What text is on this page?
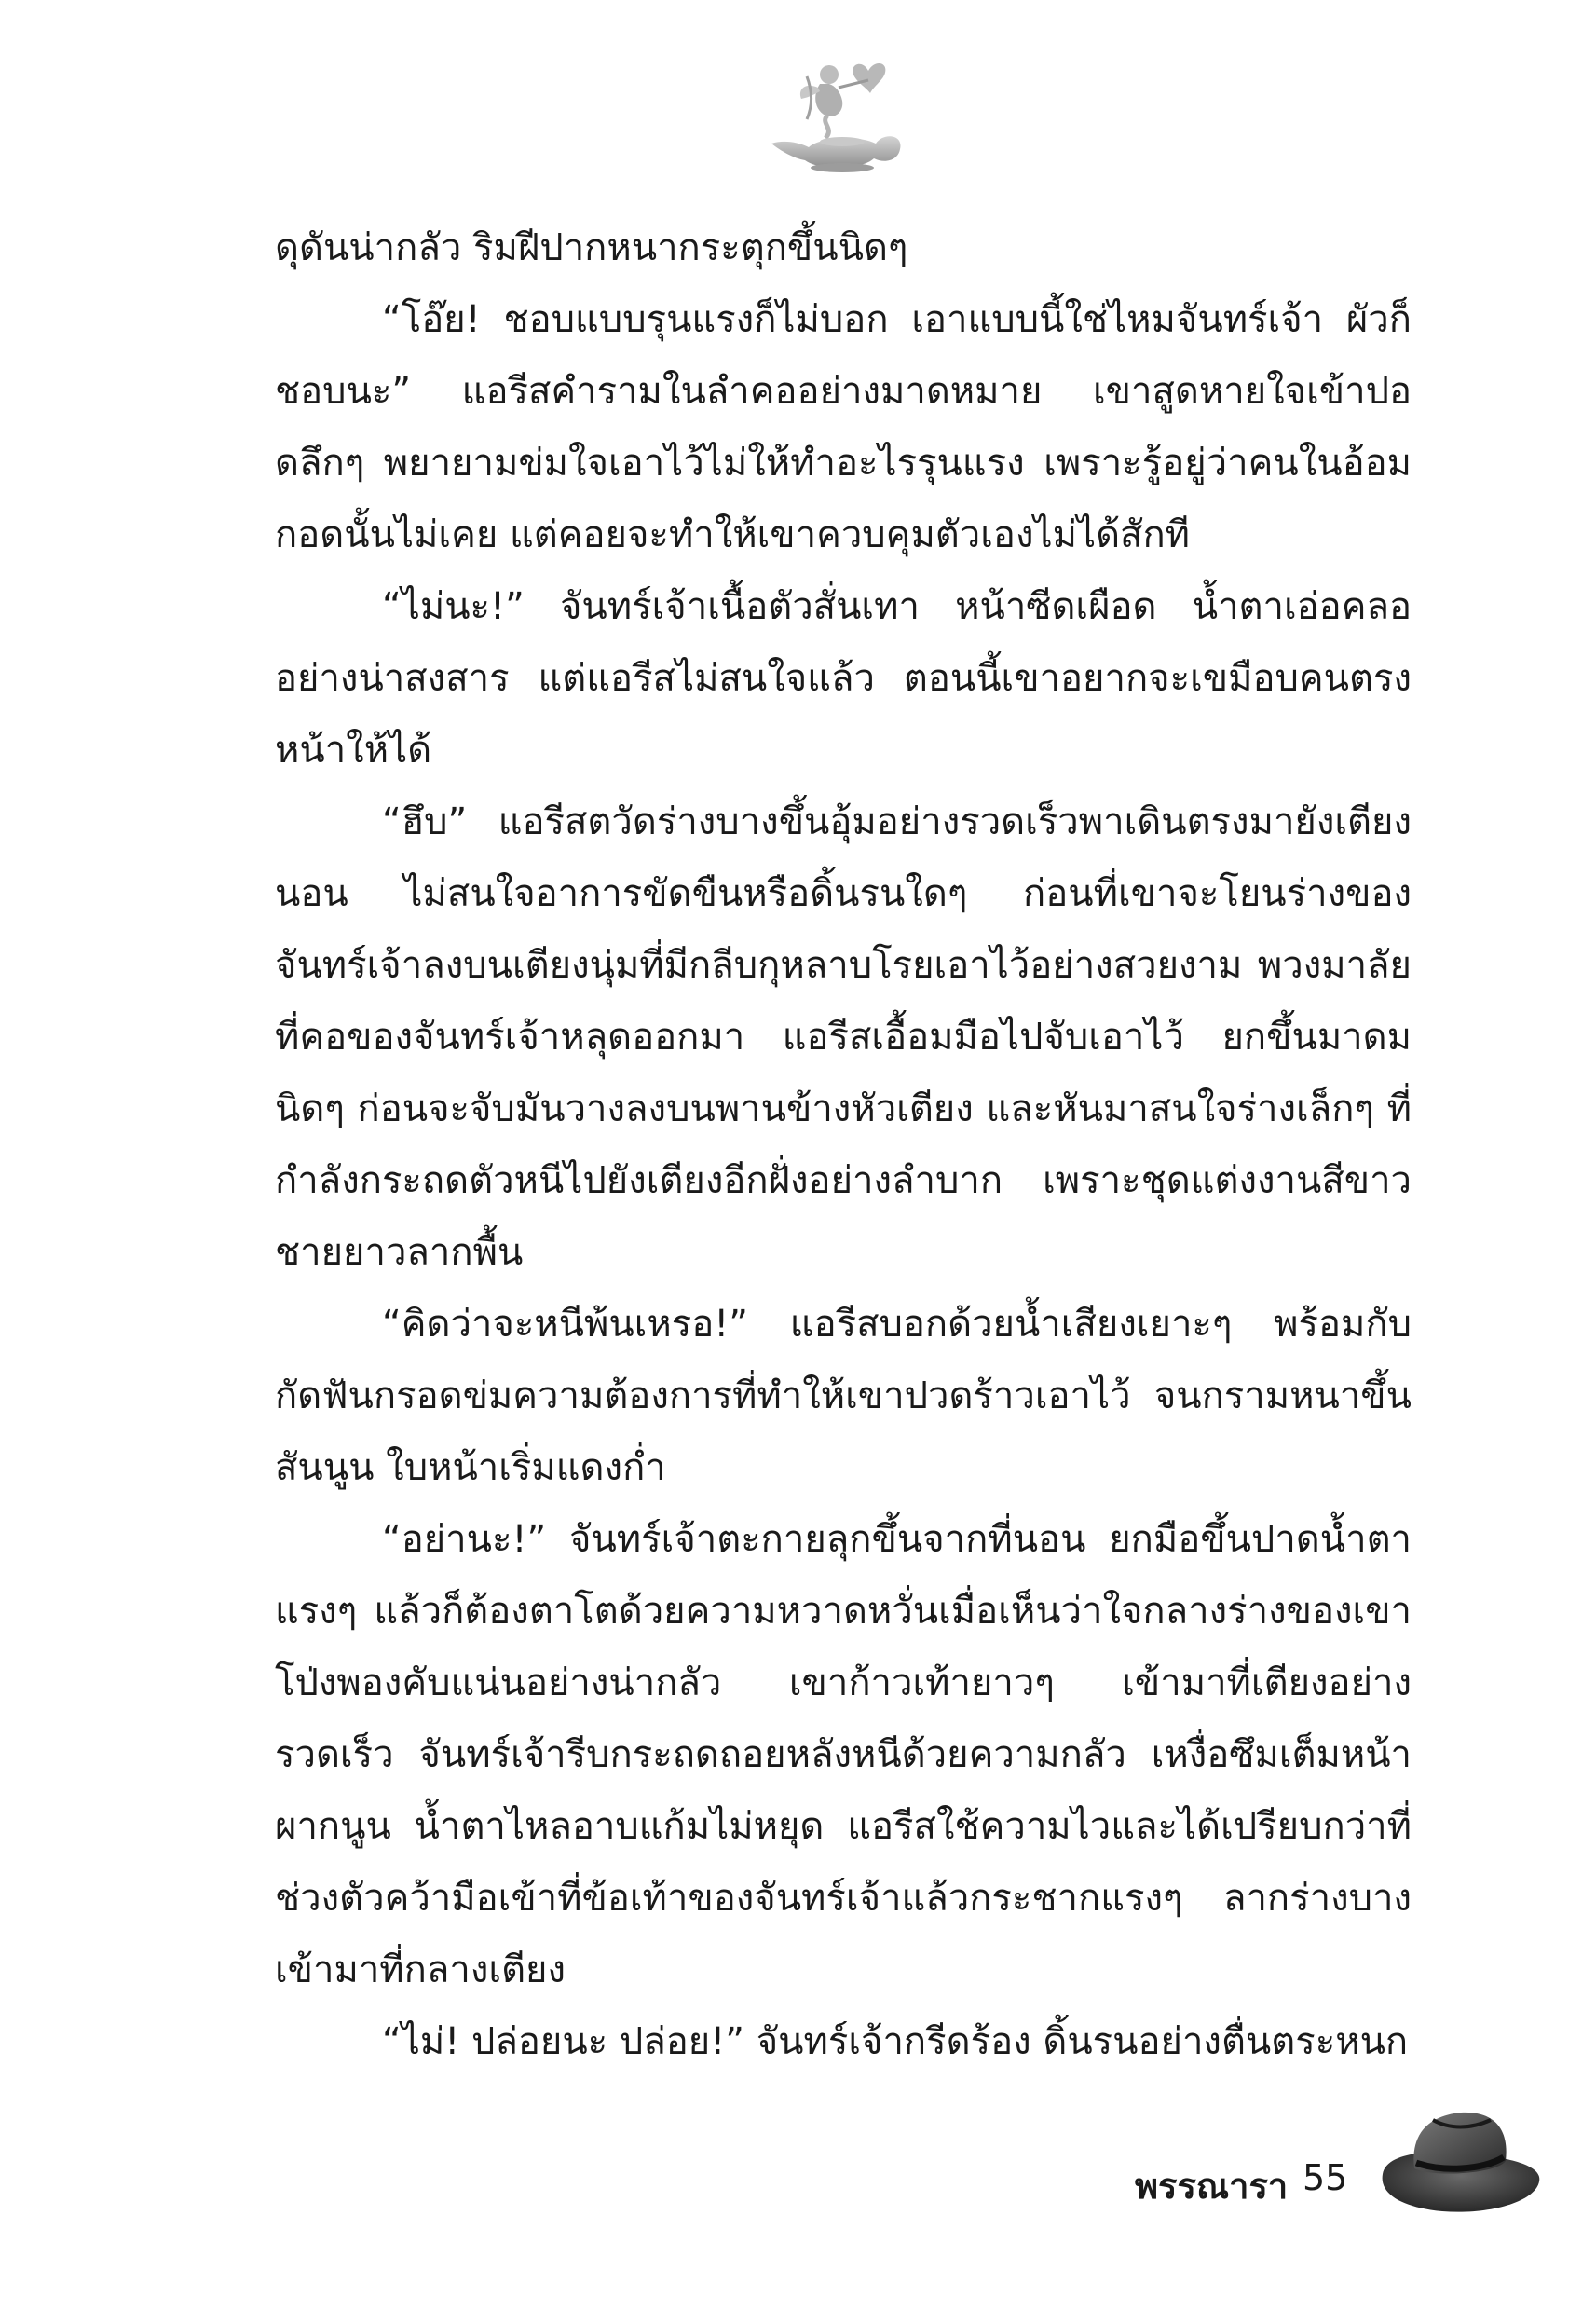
ดุดันน่ากลัว ริมฝีปากหนากระตุกขึ้นนิดๆ

“โอ๊ย! ชอบแบบรุนแรงก็ไม่บอก เอาแบบนี้ใช่ไหมจันทร์เจ้า ผัวก็ชอบนะ” แอรีสคำรามในลำคออย่างมาดหมาย เขาสูดหายใจเข้าปอดลึกๆ พยายามข่มใจเอาไว้ไม่ให้ทำอะไรรุนแรง เพราะรู้อยู่ว่าคนในอ้อมกอดนั้นไม่เคย แต่คอยจะทำให้เขาควบคุมตัวเองไม่ได้สักที

“ไม่นะ!” จันทร์เจ้าเนื้อตัวสั่นเทา หน้าซีดเผือด น้ำตาเอ่อคลออย่างน่าสงสาร แต่แอรีสไม่สนใจแล้ว ตอนนี้เขาอยากจะเขมือบคนตรงหน้าให้ได้

“ฮึบ” แอรีสตวัดร่างบางขึ้นอุ้มอย่างรวดเร็วพาเดินตรงมายังเตียงนอน ไม่สนใจอาการขัดขืนหรือดิ้นรนใดๆ ก่อนที่เขาจะโยนร่างของจันทร์เจ้าลงบนเตียงนุ่มที่มีกลีบกุหลาบโรยเอาไว้อย่างสวยงาม พวงมาลัยที่คอของจันทร์เจ้าหลุดออกมา แอรีสเอื้อมมือไปจับเอาไว้ ยกขึ้นมาดมนิดๆ ก่อนจะจับมันวางลงบนพานข้างหัวเตียง และหันมาสนใจร่างเล็กๆ ที่กำลังกระถดตัวหนีไปยังเตียงอีกฝั่งอย่างลำบาก เพราะชุดแต่งงานสีขาวชายยาวลากพื้น

“คิดว่าจะหนีพ้นเหรอ!” แอรีสบอกด้วยน้ำเสียงเยาะๆ พร้อมกับกัดฟันกรอดข่มความต้องการที่ทำให้เขาปวดร้าวเอาไว้ จนกรามหนาขึ้นสันนูน ใบหน้าเริ่มแดงก่ำ

“อย่านะ!” จันทร์เจ้าตะกายลุกขึ้นจากที่นอน ยกมือขึ้นปาดน้ำตาแรงๆ แล้วก็ต้องตาโตด้วยความหวาดหวั่นเมื่อเห็นว่าใจกลางร่างของเขาโป่งพองคับแน่นอย่างน่ากลัว เขาก้าวเท้ายาวๆ เข้ามาที่เตียงอย่างรวดเร็ว จันทร์เจ้ารีบกระถดถอยหลังหนีด้วยความกลัว เหงื่อซึมเต็มหน้าผากนูน น้ำตาไหลอาบแก้มไม่หยุด แอรีสใช้ความไวและได้เปรียบกว่าที่ช่วงตัวคว้ามือเข้าที่ข้อเท้าของจันทร์เจ้าแล้วกระชากแรงๆ ลากร่างบางเข้ามาที่กลางเตียง

“ไม่! ปล่อยนะ ปล่อย!” จันทร์เจ้ากรีดร้อง ดิ้นรนอย่างตื่นตระหนก

พรรณารา 55
